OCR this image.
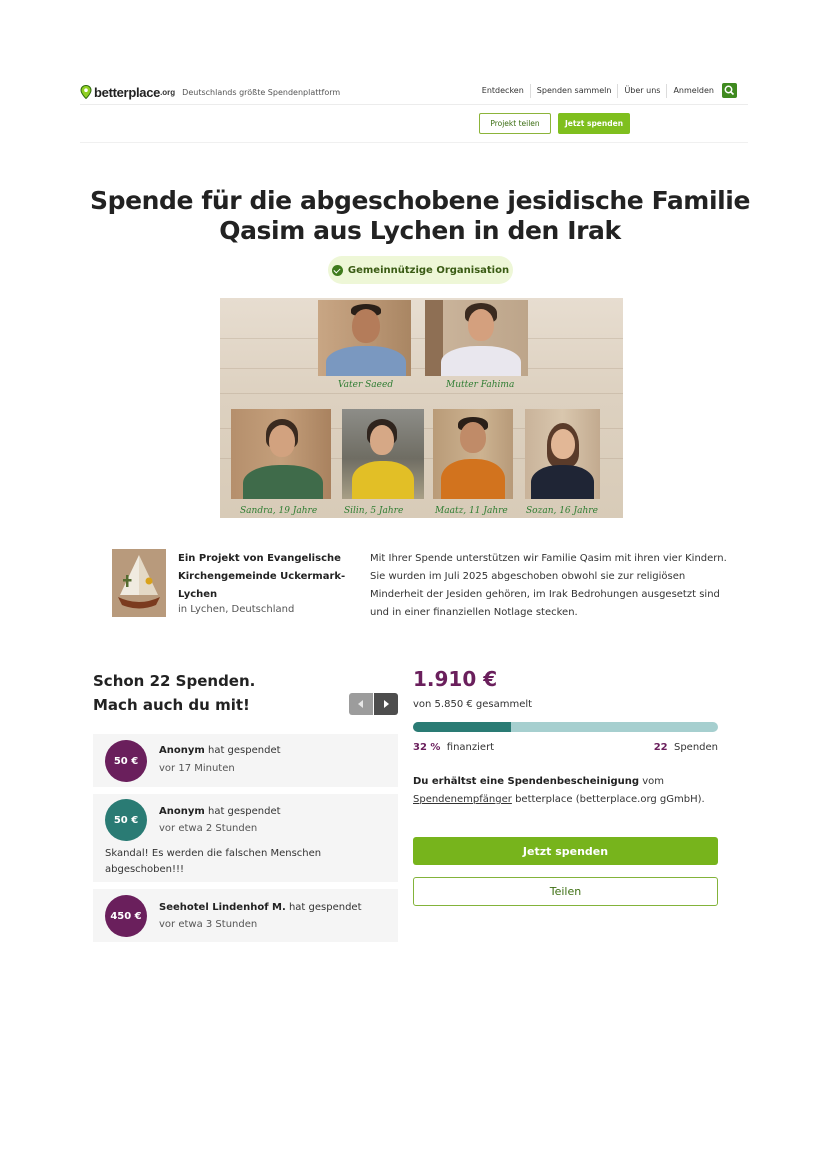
betterplace .org Deutschlands größte Spendenplattform	Entdecken	Spenden sammeln	Über uns	Anmelden
Projekt teilen	Jetzt spenden
Spende für die abgeschobene jesidische Familie
Qasim aus Lychen in den Irak
Gemeinnützige Organisation
Vater Saeed	Mutter Fahima
Sandra, 19 Jahre	Silin, 5 Jahre	Maatz, 11 Jahre Sozan, 16 Jahre
Ein Projekt von Evangelische Kirchengemeinde Uckermark-Lychen
in Lychen, Deutschland
Mit Ihrer Spende unterstützen wir Familie Qasim mit ihren vier Kindern. Sie wurden im Juli 2025 abgeschoben obwohl sie zur religiösen Minderheit der Jesiden gehören, im Irak Bedrohungen ausgesetzt sind und in einer finanziellen Notlage stecken.
Schon 22 Spenden.
Mach auch du mit!
50 €
Anonym hat gespendet
vor 17 Minuten
50 €
Anonym hat gespendet
vor etwa 2 Stunden
Skandal! Es werden die falschen Menschen abgeschoben!!!
450 €
Seehotel Lindenhof M. hat gespendet
vor etwa 3 Stunden
1.910 €
von 5.850 € gesammelt
32 % finanziert	22 Spenden
Du erhältst eine Spendenbescheinigung vom
Spendenempfänger betterplace (betterplace.org gGmbH).
Jetzt spenden
Teilen
